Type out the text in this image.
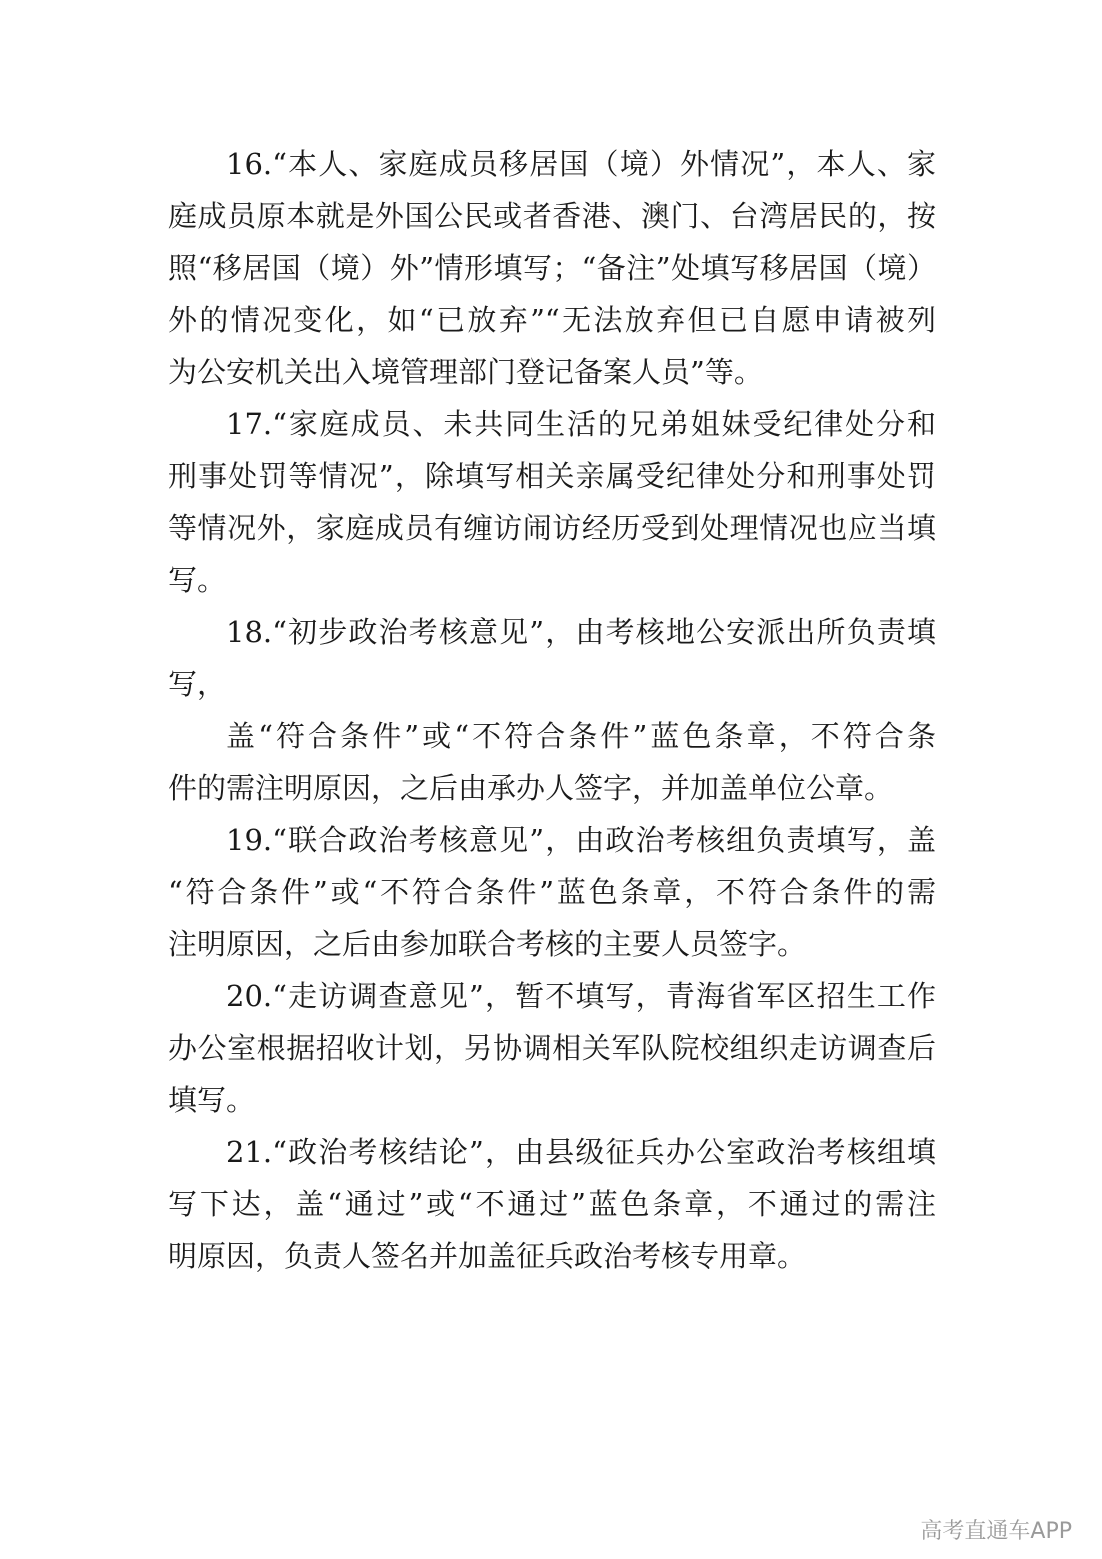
16.“本人、家庭成员移居国（境）外情况”，本人、家
庭成员原本就是外国公民或者香港、澳门、台湾居民的，按
照“移居国（境）外”情形填写；“备注”处填写移居国（境）
外的情况变化，如“已放弃”“无法放弃但已自愿申请被列
为公安机关出入境管理部门登记备案人员”等。
17.“家庭成员、未共同生活的兄弟姐妹受纪律处分和
刑事处罚等情况”，除填写相关亲属受纪律处分和刑事处罚
等情况外，家庭成员有缠访闹访经历受到处理情况也应当填
写。
18.“初步政治考核意见”，由考核地公安派出所负责填
写，
盖“符合条件”或“不符合条件”蓝色条章，不符合条
件的需注明原因，之后由承办人签字，并加盖单位公章。
19.“联合政治考核意见”，由政治考核组负责填写，盖
“符合条件”或“不符合条件”蓝色条章，不符合条件的需
注明原因，之后由参加联合考核的主要人员签字。
20.“走访调查意见”，暂不填写，青海省军区招生工作
办公室根据招收计划，另协调相关军队院校组织走访调查后
填写。
21.“政治考核结论”，由县级征兵办公室政治考核组填
写下达，盖“通过”或“不通过”蓝色条章，不通过的需注
明原因，负责人签名并加盖征兵政治考核专用章。
高考直通车APP
